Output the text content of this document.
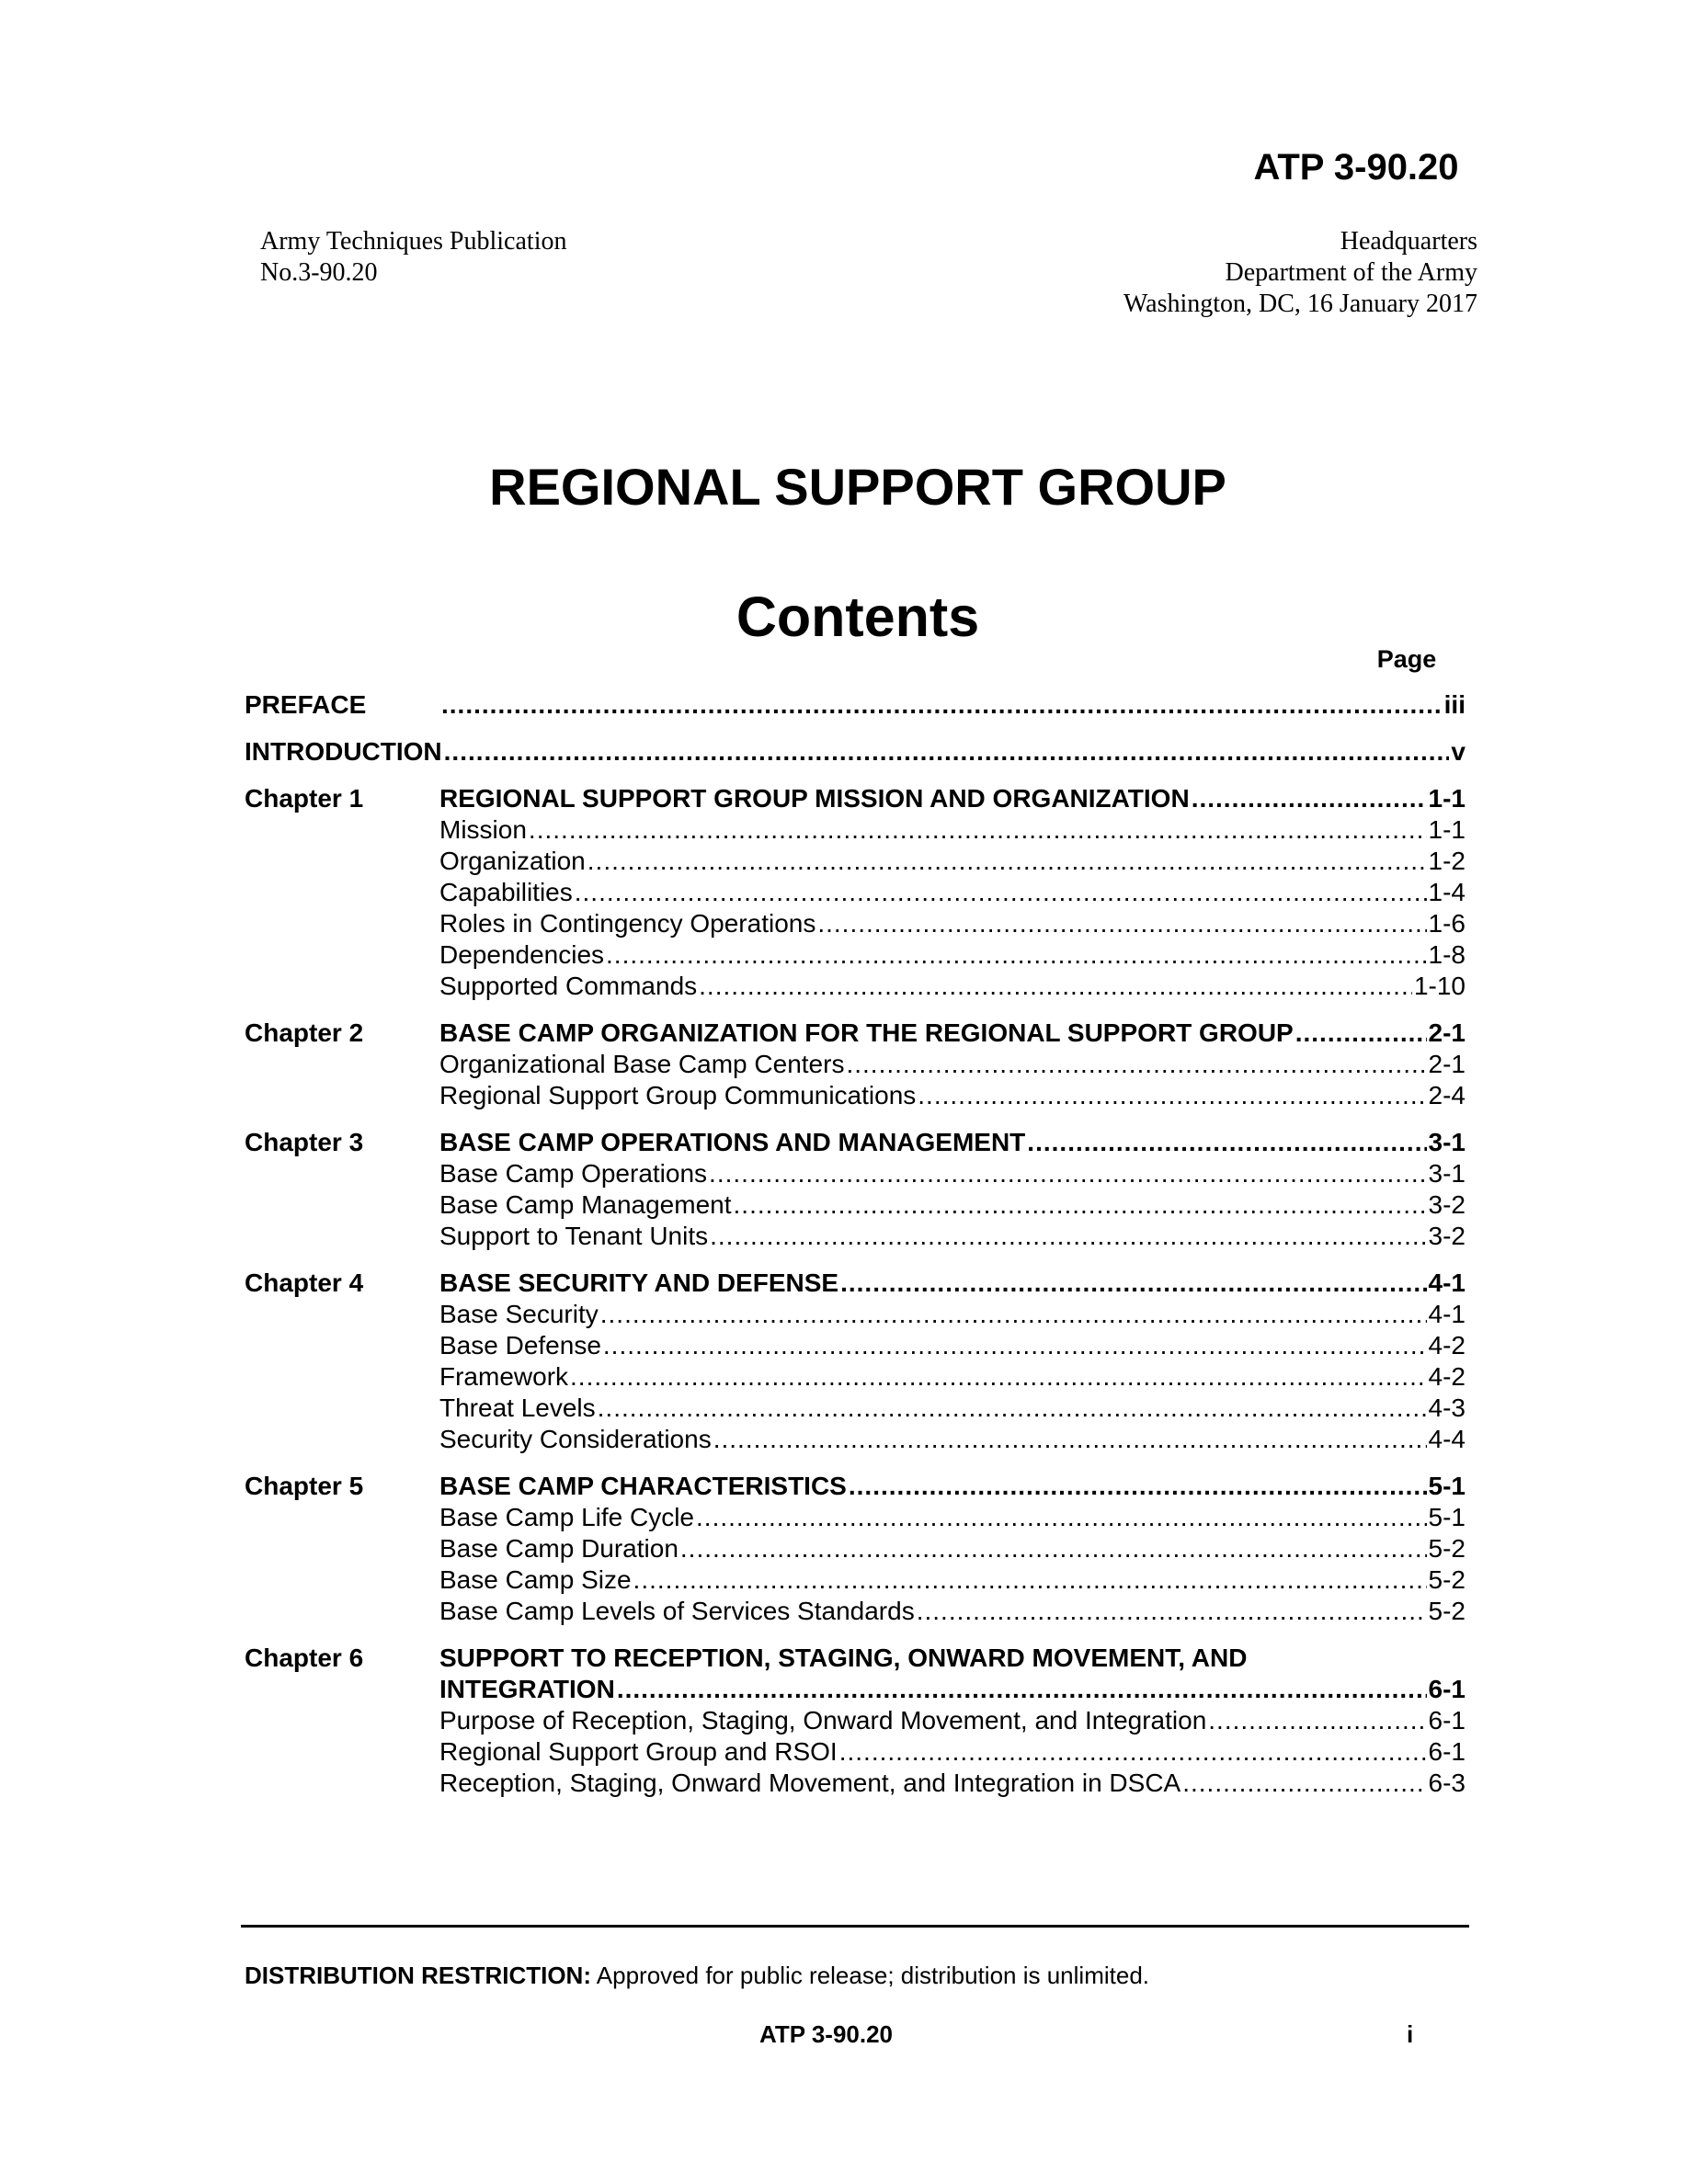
ATP 3-90.20
Army Techniques Publication
No.3-90.20
Headquarters
Department of the Army
Washington, DC, 16 January 2017
REGIONAL SUPPORT GROUP
Contents
Page
PREFACE .....	iii
INTRODUCTION .....	v
Chapter 1	REGIONAL SUPPORT GROUP MISSION AND ORGANIZATION .....	1-1
Mission .....	1-1
Organization .....	1-2
Capabilities .....	1-4
Roles in Contingency Operations .....	1-6
Dependencies .....	1-8
Supported Commands .....	1-10
Chapter 2	BASE CAMP ORGANIZATION FOR THE REGIONAL SUPPORT GROUP .....	2-1
Organizational Base Camp Centers .....	2-1
Regional Support Group Communications .....	2-4
Chapter 3	BASE CAMP OPERATIONS AND MANAGEMENT .....	3-1
Base Camp Operations .....	3-1
Base Camp Management .....	3-2
Support to Tenant Units .....	3-2
Chapter 4	BASE SECURITY AND DEFENSE .....	4-1
Base Security .....	4-1
Base Defense .....	4-2
Framework .....	4-2
Threat Levels .....	4-3
Security Considerations .....	4-4
Chapter 5	BASE CAMP CHARACTERISTICS .....	5-1
Base Camp Life Cycle .....	5-1
Base Camp Duration .....	5-2
Base Camp Size .....	5-2
Base Camp Levels of Services Standards .....	5-2
Chapter 6	SUPPORT TO RECEPTION, STAGING, ONWARD MOVEMENT, AND
INTEGRATION .....	6-1
Purpose of Reception, Staging, Onward Movement, and Integration .....	6-1
Regional Support Group and RSOI .....	6-1
Reception, Staging, Onward Movement, and Integration in DSCA .....	6-3
DISTRIBUTION RESTRICTION: Approved for public release; distribution is unlimited.
ATP 3-90.20	i
